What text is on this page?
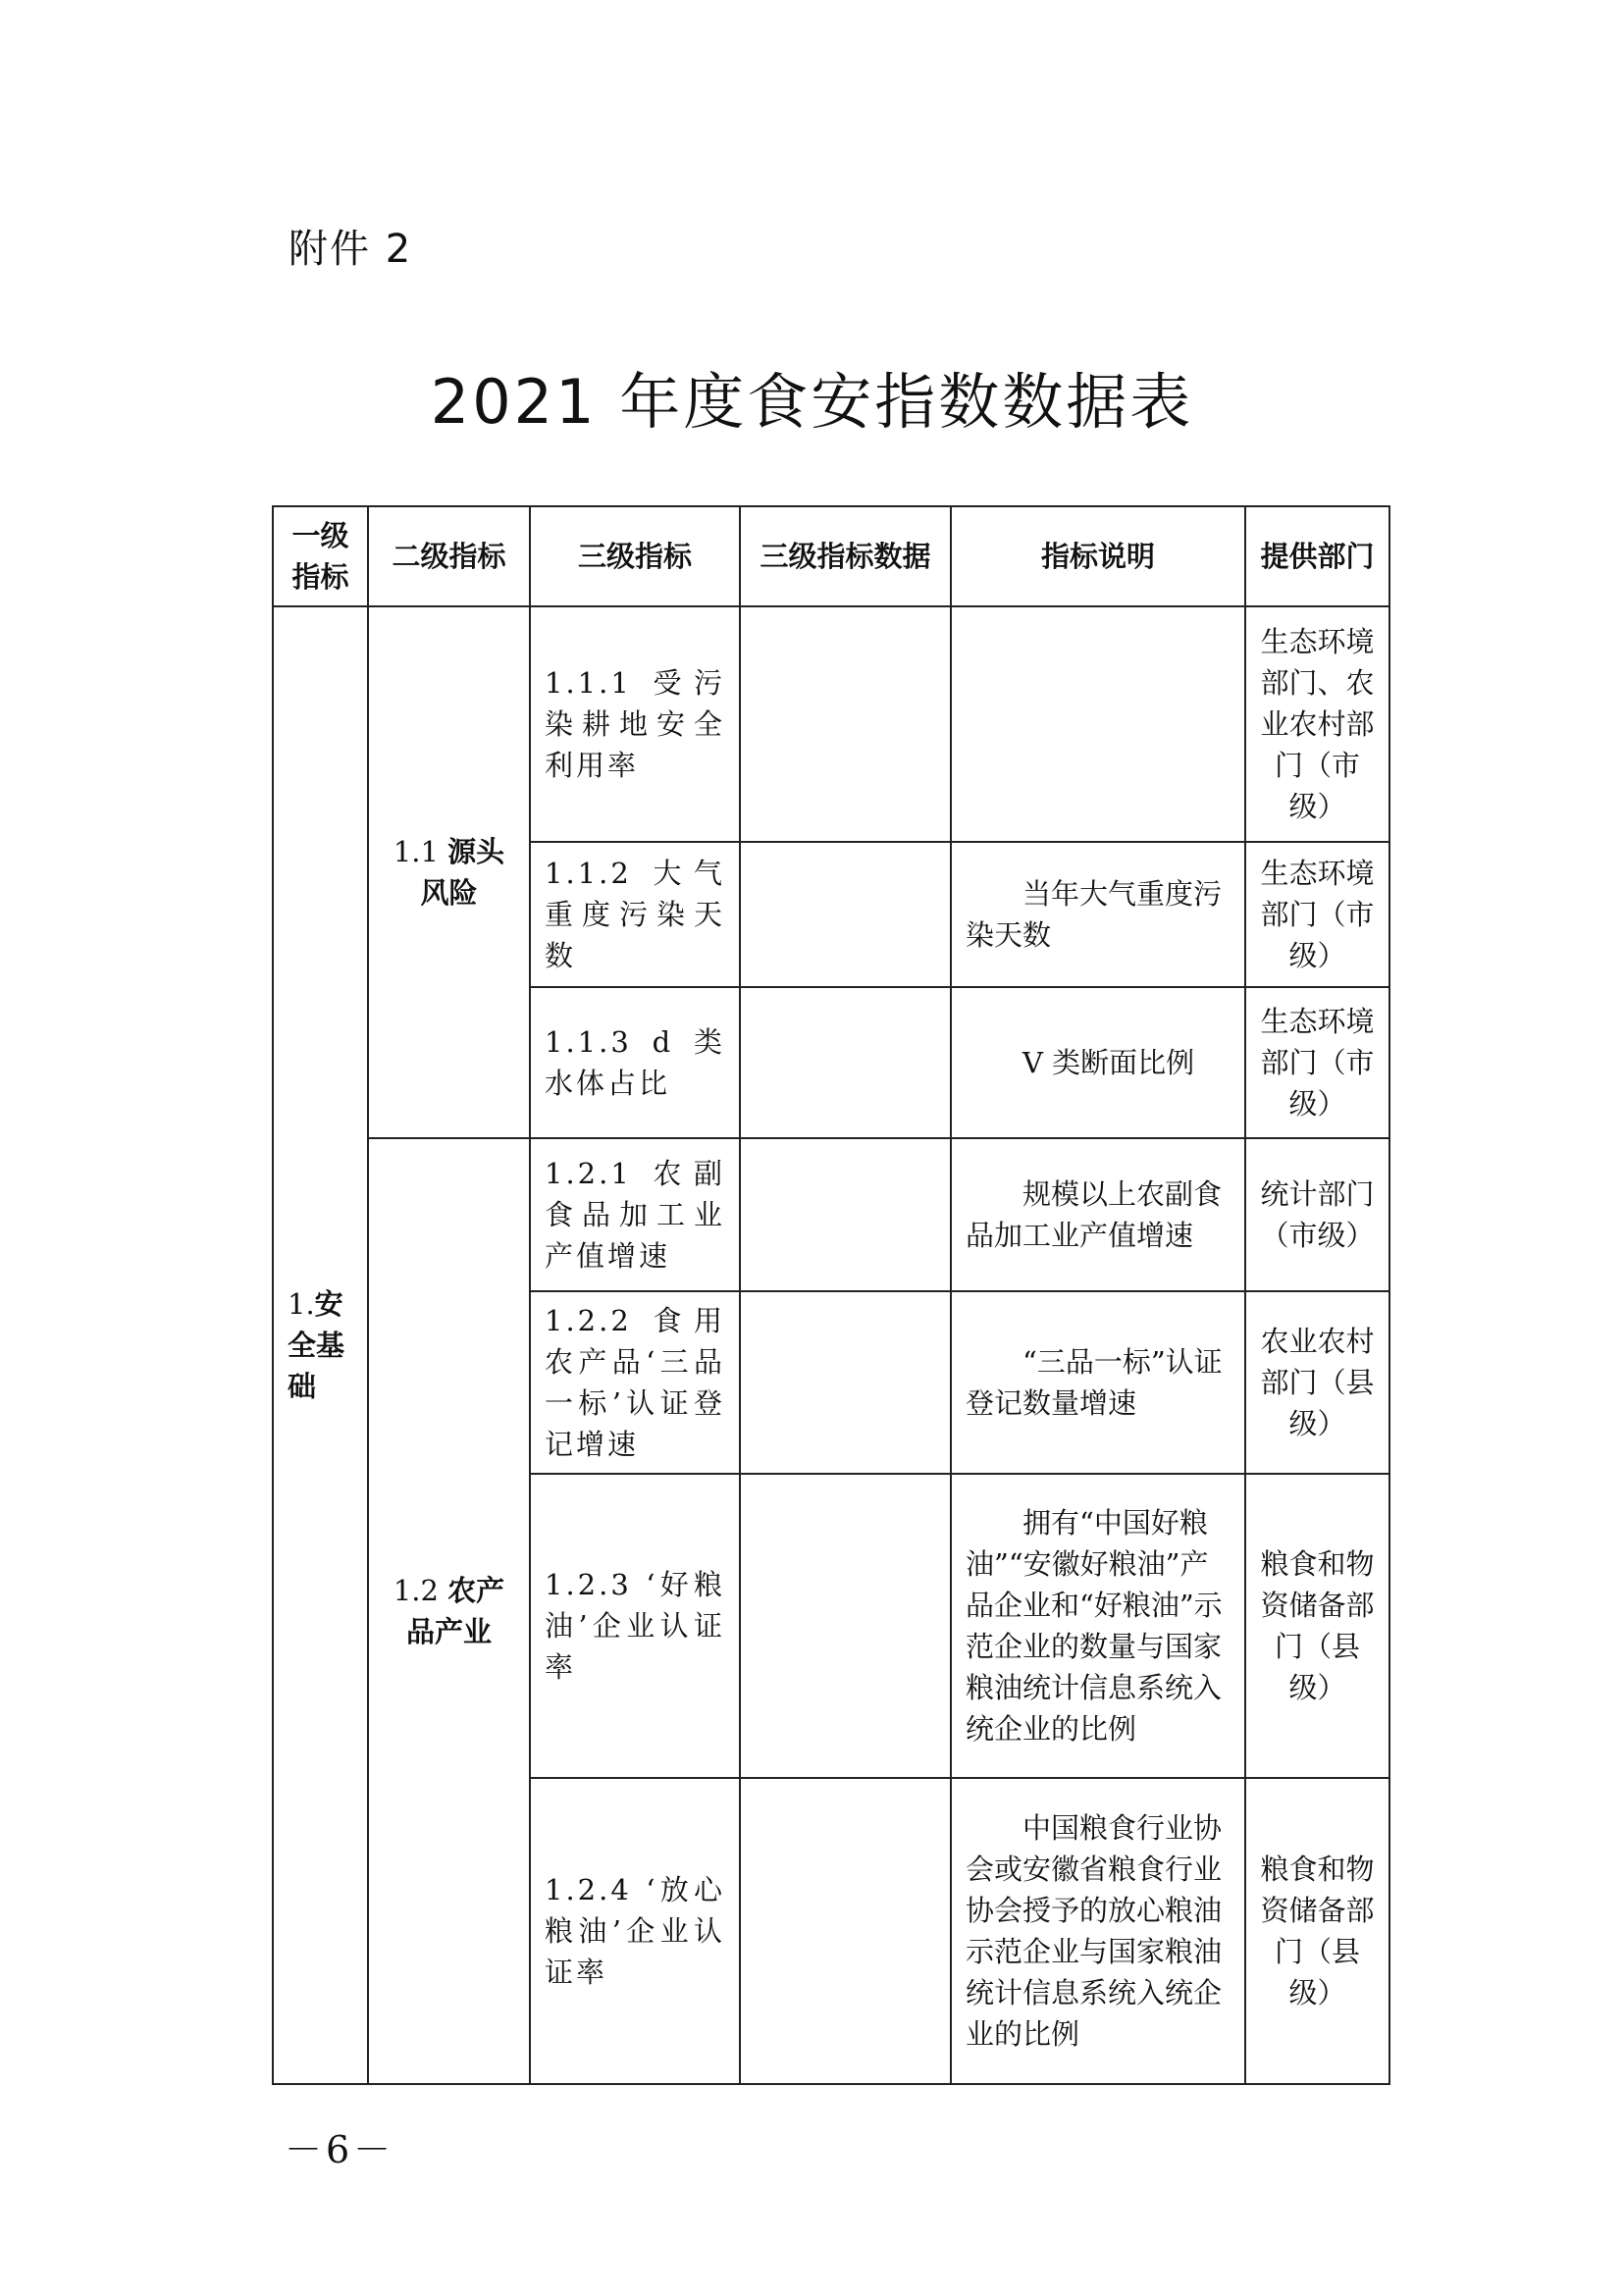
附件 2
2021 年度食安指数数据表
一级指标	二级指标	三级指标	三级指标数据	指标说明	提供部门
1.安全基础	1.1 源头风险	1.1.1 受污染耕地安全利用率			生态环境部门、农业农村部门（市级）
		1.1.2 大气重度污染天数		当年大气重度污染天数	生态环境部门（市级）
		1.1.3 d 类水体占比		V 类断面比例	生态环境部门（市级）
	1.2 农产品产业	1.2.1 农副食品加工业产值增速		规模以上农副食品加工业产值增速	统计部门（市级）
		1.2.2 食用农产品‘三品一标’认证登记增速		“三品一标”认证登记数量增速	农业农村部门（县级）
		1.2.3 ‘好粮油’企业认证率		拥有“中国好粮油”“安徽好粮油”产品企业和“好粮油”示范企业的数量与国家粮油统计信息系统入统企业的比例	粮食和物资储备部门（县级）
		1.2.4 ‘放心粮油’企业认证率		中国粮食行业协会或安徽省粮食行业协会授予的放心粮油示范企业与国家粮油统计信息系统入统企业的比例	粮食和物资储备部门（县级）
－6－
